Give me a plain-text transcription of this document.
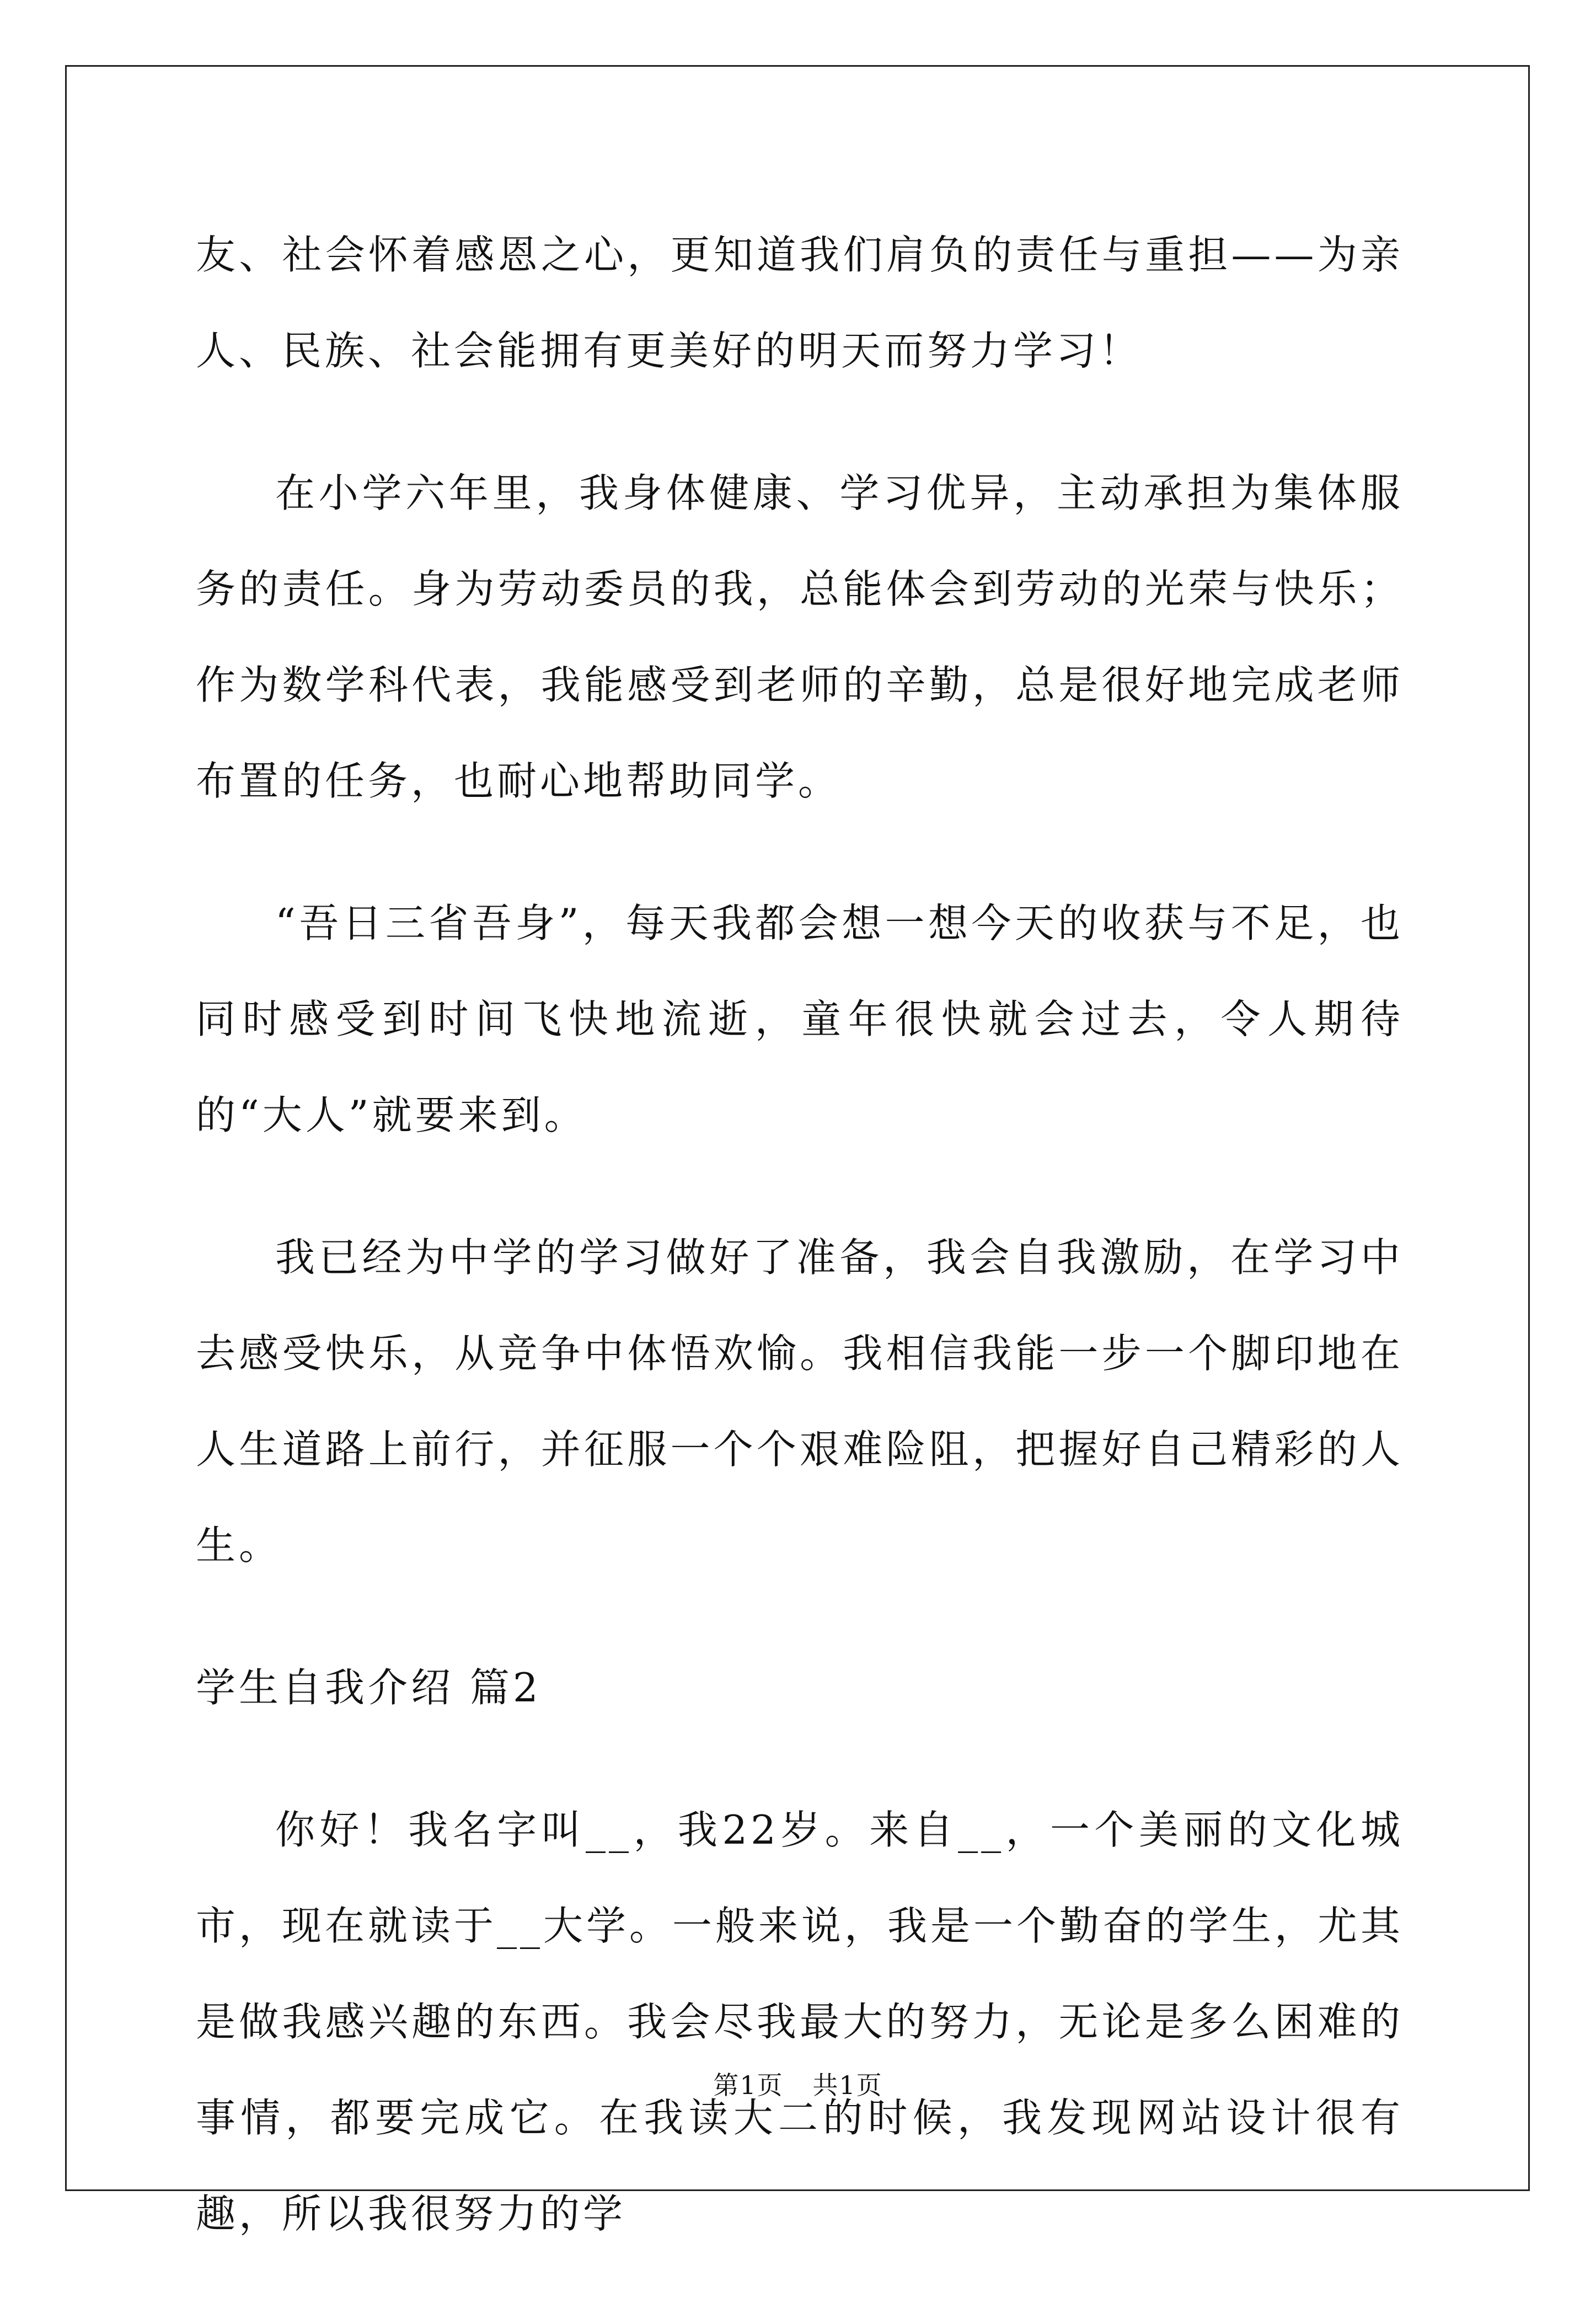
友、社会怀着感恩之心，更知道我们肩负的责任与重担——为亲人、民族、社会能拥有更美好的明天而努力学习！

在小学六年里，我身体健康、学习优异，主动承担为集体服务的责任。身为劳动委员的我，总能体会到劳动的光荣与快乐；作为数学科代表，我能感受到老师的辛勤，总是很好地完成老师布置的任务，也耐心地帮助同学。

“吾日三省吾身”，每天我都会想一想今天的收获与不足，也同时感受到时间飞快地流逝，童年很快就会过去，令人期待的“大人”就要来到。

我已经为中学的学习做好了准备，我会自我激励，在学习中去感受快乐，从竞争中体悟欢愉。我相信我能一步一个脚印地在人生道路上前行，并征服一个个艰难险阻，把握好自己精彩的人生。

学生自我介绍 篇2

你好！我名字叫__，我22岁。来自__，一个美丽的文化城市，现在就读于__大学。一般来说，我是一个勤奋的学生，尤其是做我感兴趣的东西。我会尽我最大的努力，无论是多么困难的事情，都要完成它。在我读大二的时候，我发现网站设计很有趣，所以我很努力的学

第1页 共1页
